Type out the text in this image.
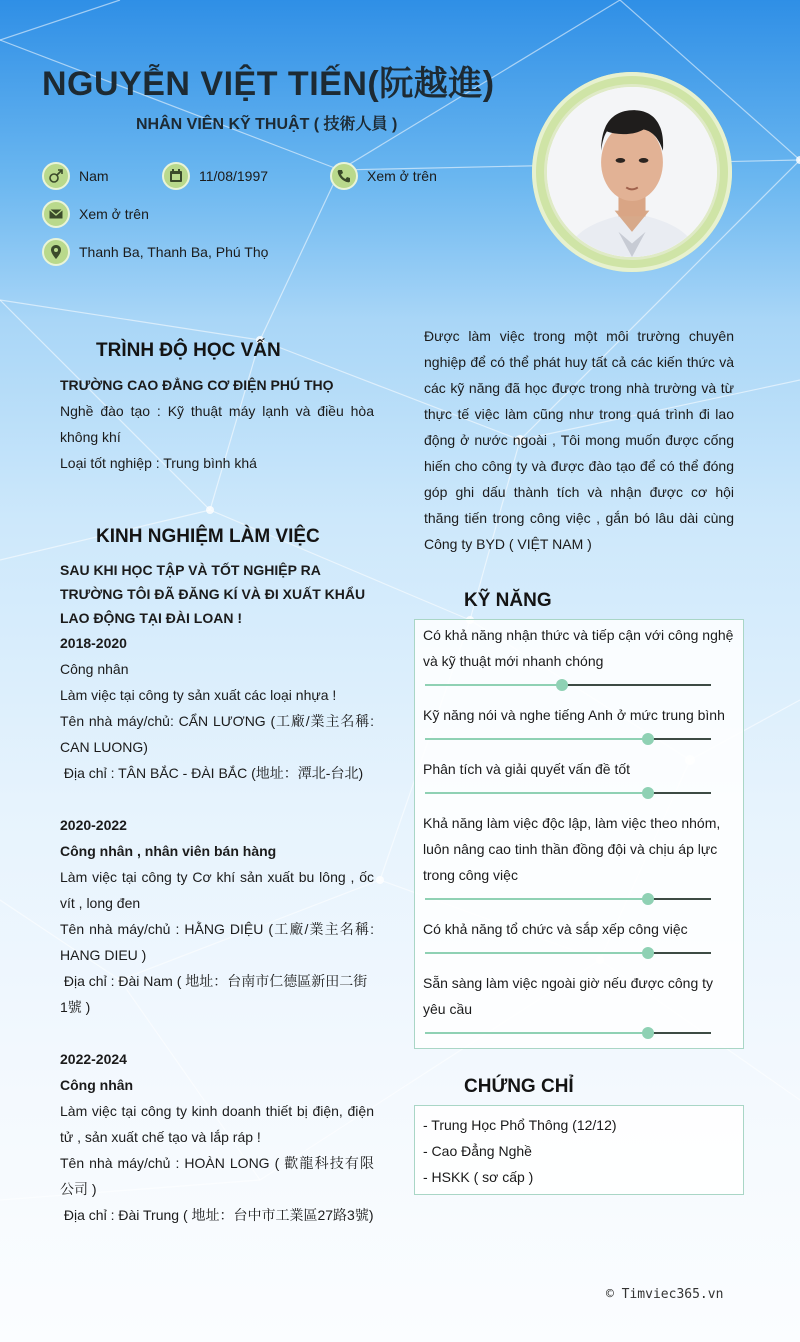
NGUYỄN VIỆT TIẾN(阮越進)
NHÂN VIÊN KỸ THUẬT ( 技術人員 )
Nam	11/08/1997	Xem ở trên
Xem ở trên
Thanh Ba, Thanh Ba, Phú Thọ
TRÌNH ĐỘ HỌC VẤN
TRƯỜNG CAO ĐẲNG CƠ ĐIỆN PHÚ THỌ
Nghề đào tạo : Kỹ thuật máy lạnh và điều hòa không khí
Loại tốt nghiệp : Trung bình khá
KINH NGHIỆM LÀM VIỆC
SAU KHI HỌC TẬP VÀ TỐT NGHIỆP RA TRƯỜNG TÔI ĐÃ ĐĂNG KÍ VÀ ĐI XUẤT KHẨU LAO ĐỘNG TẠI ĐÀI LOAN !
2018-2020
Công nhân
Làm việc tại công ty sản xuất các loại nhựa !
Tên nhà máy/chủ: CẨN LƯƠNG (工廠/業主名稱: CAN LUONG)
Địa chỉ : TÂN BẮC - ĐÀI BẮC (地址：潭北-台北)
2020-2022
Công nhân , nhân viên bán hàng
Làm việc tại công ty Cơ khí sản xuất bu lông , ốc vít , long đen
Tên nhà máy/chủ : HẰNG DIỆU (工廠/業主名稱: HANG DIEU )
Địa chỉ : Đài Nam ( 地址：台南市仁德區新田二街1號 )
2022-2024
Công nhân
Làm việc tại công ty kinh doanh thiết bị điện, điện tử , sản xuất chế tạo và lắp ráp !
Tên nhà máy/chủ : HOÀN LONG ( 歡龍科技有限 公司 )
Địa chỉ : Đài Trung ( 地址：台中市工業區27路3號)
Được làm việc trong một môi trường chuyên nghiệp để có thể phát huy tất cả các kiến thức và các kỹ năng đã học được trong nhà trường và từ thực tế việc làm cũng như trong quá trình đi lao động ở nước ngoài , Tôi mong muốn được cống hiến cho công ty và được đào tạo để có thể đóng góp ghi dấu thành tích và nhận được cơ hội thăng tiến trong công việc , gắn bó lâu dài cùng Công ty BYD ( VIỆT NAM )
KỸ NĂNG
Có khả năng nhận thức và tiếp cận với công nghệ và kỹ thuật mới nhanh chóng
Kỹ năng nói và nghe tiếng Anh ở mức trung bình
Phân tích và giải quyết vấn đề tốt
Khả năng làm việc độc lập, làm việc theo nhóm, luôn nâng cao tinh thần đồng đội và chịu áp lực trong công việc
Có khả năng tổ chức và sắp xếp công việc
Sẵn sàng làm việc ngoài giờ nếu được công ty yêu cầu
CHỨNG CHỈ
- Trung Học Phổ Thông (12/12)
- Cao Đẳng Nghề
- HSKK ( sơ cấp )
© Timviec365.vn
